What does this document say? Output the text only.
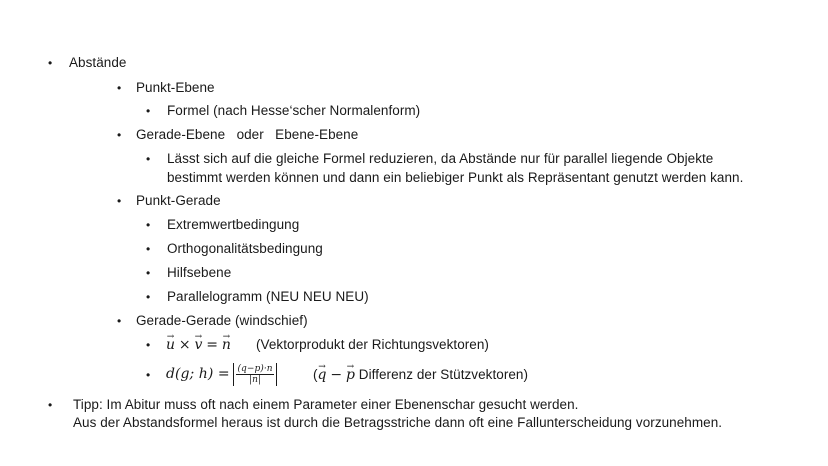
• Abstände
• Punkt-Ebene
• Formel (nach Hesse‘scher Normalenform)
• Gerade-Ebene   oder   Ebene-Ebene
• Lässt sich auf die gleiche Formel reduzieren, da Abstände nur für parallel liegende Objekte
bestimmt werden können und dann ein beliebiger Punkt als Repräsentant genutzt werden kann.
• Punkt-Gerade
• Extremwertbedingung
• Orthogonalitätsbedingung
• Hilfsebene
• Parallelogramm (NEU NEU NEU)
• Gerade-Gerade (windschief)
• → u × → v = → n (Vektorprodukt der Richtungsvektoren)
• d(g; $h) = \frac{(q-p)\cdot n}{|n|}$	(→ q − → p Differenz der Stützvektoren)
• Tipp: Im Abitur muss oft nach einem Parameter einer Ebenenschar gesucht werden.
Aus der Abstandsformel heraus ist durch die Betragsstriche dann oft eine Fallunterscheidung vorzunehmen.
